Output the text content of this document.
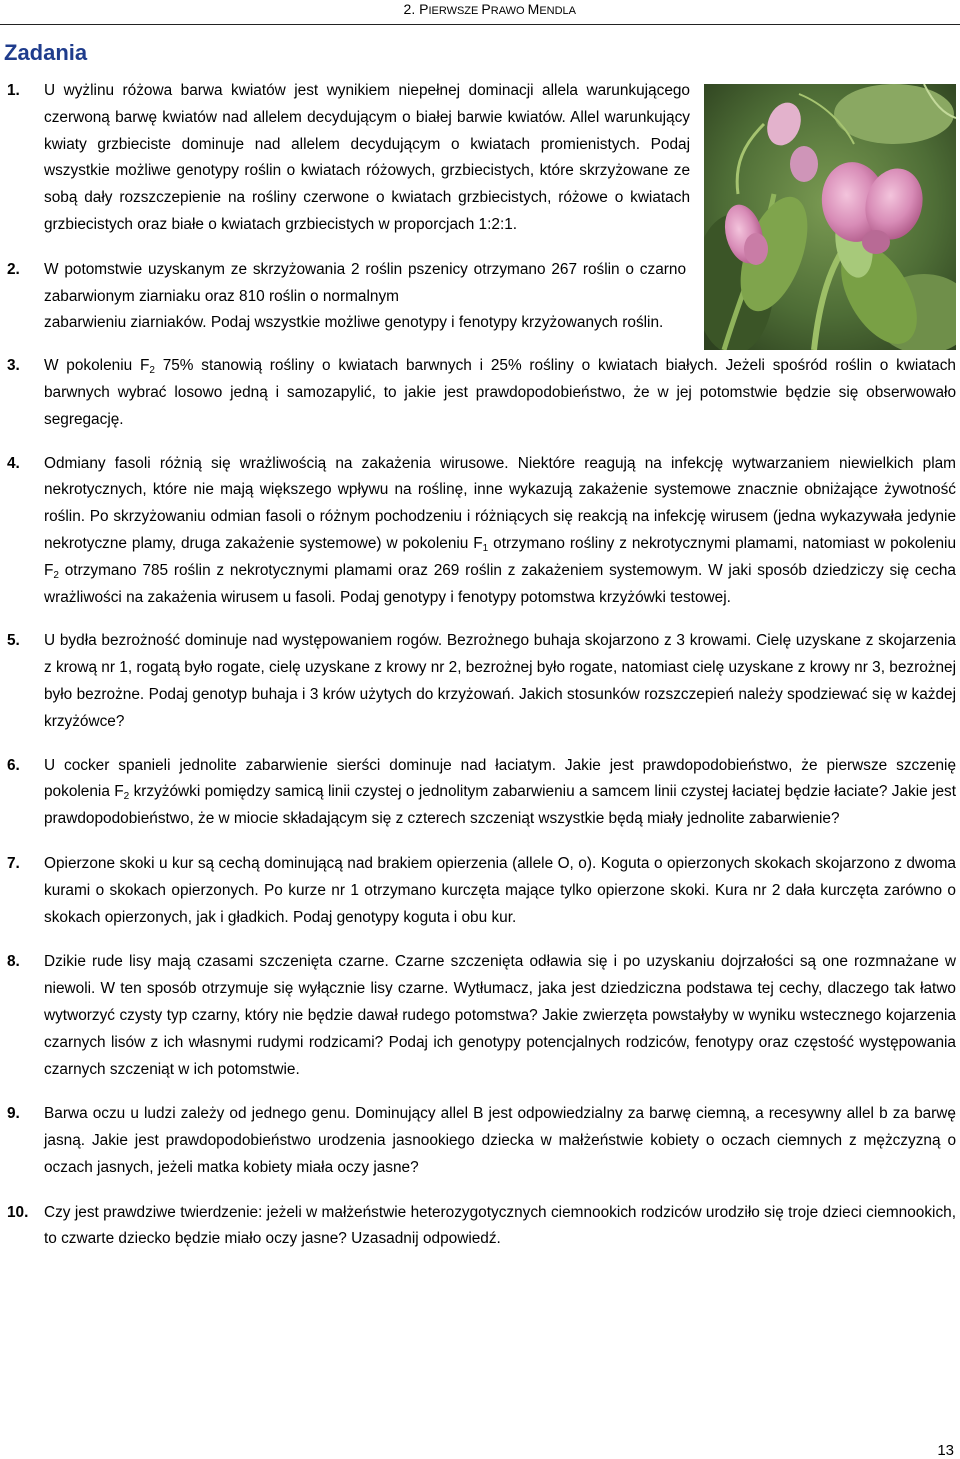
2. PIERWSZE PRAWO MENDLA
Zadania
1. U wyżlinu różowa barwa kwiatów jest wynikiem niepełnej dominacji allela warunkującego czerwoną barwę kwiatów nad allelem decydującym o białej barwie kwiatów. Allel warunkujący kwiaty grzbieciste dominuje nad allelem decydującym o kwiatach promienistych. Podaj wszystkie możliwe genotypy roślin o kwiatach różowych, grzbiecistych, które skrzyżowane ze sobą dały rozszczepienie na rośliny czerwone o kwiatach grzbiecistych, różowe o kwiatach grzbiecistych oraz białe o kwiatach grzbiecistych w proporcjach 1:2:1.
2. W potomstwie uzyskanym ze skrzyżowania 2 roślin pszenicy otrzymano 267 roślin o czarno zabarwionym ziarniaku oraz 810 roślin o normalnym
zabarwieniu ziarniaków. Podaj wszystkie możliwe genotypy i fenotypy krzyżowanych roślin.
3. W pokoleniu $F_2$ 75% stanowią rośliny o kwiatach barwnych i 25% rośliny o kwiatach białych. Jeżeli spośród roślin o kwiatach barwnych wybrać losowo jedną i samozapylić, to jakie jest prawdopodobieństwo, że w jej potomstwie będzie się obserwowało segregację.
4. Odmiany fasoli różnią się wrażliwością na zakażenia wirusowe. Niektóre reagują na infekcję wytwarzaniem niewielkich plam nekrotycznych, które nie mają większego wpływu na roślinę, inne wykazują zakażenie systemowe znacznie obniżające żywotność roślin. Po skrzyżowaniu odmian fasoli o różnym pochodzeniu i różniących się reakcją na infekcję wirusem (jedna wykazywała jedynie nekrotyczne plamy, druga zakażenie systemowe) w pokoleniu $F_1$ otrzymano rośliny z nekrotycznymi plamami, natomiast w pokoleniu $F_2$ otrzymano 785 roślin z nekrotycznymi plamami oraz 269 roślin z zakażeniem systemowym. W jaki sposób dziedziczy się cecha wrażliwości na zakażenia wirusem u fasoli. Podaj genotypy i fenotypy potomstwa krzyżówki testowej.
5. U bydła bezrożność dominuje nad występowaniem rogów. Bezrożnego buhaja skojarzono z 3 krowami. Cielę uzyskane z skojarzenia z krową nr 1, rogatą było rogate, cielę uzyskane z krowy nr 2, bezrożnej było rogate, natomiast cielę uzyskane z krowy nr 3, bezrożnej było bezrożne. Podaj genotyp buhaja i 3 krów użytych do krzyżowań. Jakich stosunków rozszczepień należy spodziewać się w każdej krzyżówce?
6. U cocker spanieli jednolite zabarwienie sierści dominuje nad łaciatym. Jakie jest prawdopodobieństwo, że pierwsze szczenię pokolenia $F_2$ krzyżówki pomiędzy samicą linii czystej o jednolitym zabarwieniu a samcem linii czystej łaciatej będzie łaciate? Jakie jest prawdopodobieństwo, że w miocie składającym się z czterech szczeniąt wszystkie będą miały jednolite zabarwienie?
7. Opierzone skoki u kur są cechą dominującą nad brakiem opierzenia (allele O, o). Koguta o opierzonych skokach skojarzono z dwoma kurami o skokach opierzonych. Po kurze nr 1 otrzymano kurczęta mające tylko opierzone skoki. Kura nr 2 dała kurczęta zarówno o skokach opierzonych, jak i gładkich. Podaj genotypy koguta i obu kur.
8. Dzikie rude lisy mają czasami szczenięta czarne. Czarne szczenięta odławia się i po uzyskaniu dojrzałości są one rozmnażane w niewoli. W ten sposób otrzymuje się wyłącznie lisy czarne. Wytłumacz, jaka jest dziedziczna podstawa tej cechy, dlaczego tak łatwo wytworzyć czysty typ czarny, który nie będzie dawał rudego potomstwa? Jakie zwierzęta powstałyby w wyniku wstecznego kojarzenia czarnych lisów z ich własnymi rudymi rodzicami? Podaj ich genotypy potencjalnych rodziców, fenotypy oraz częstość występowania czarnych szczeniąt w ich potomstwie.
9. Barwa oczu u ludzi zależy od jednego genu. Dominujący allel B jest odpowiedzialny za barwę ciemną, a recesywny allel b za barwę jasną. Jakie jest prawdopodobieństwo urodzenia jasnookiego dziecka w małżeństwie kobiety o oczach ciemnych z mężczyzną o oczach jasnych, jeżeli matka kobiety miała oczy jasne?
10. Czy jest prawdziwe twierdzenie: jeżeli w małżeństwie heterozygotycznych ciemnookich rodziców urodziło się troje dzieci ciemnookich, to czwarte dziecko będzie miało oczy jasne? Uzasadnij odpowiedź.
13
